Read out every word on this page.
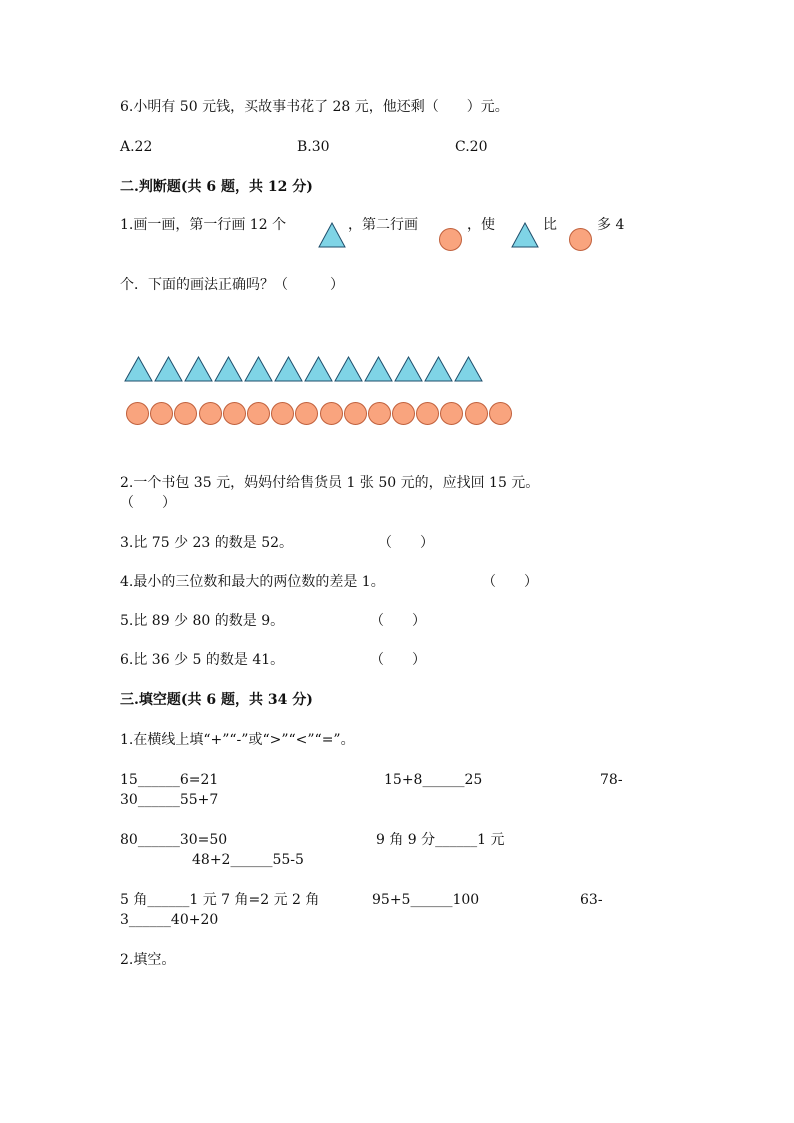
6.小明有 50 元钱，买故事书花了 28 元，他还剩（　　）元。
A.22	B.30	C.20
二.判断题(共 6 题，共 12 分)
1.画一画，第一行画 12 个	，第二行画	，使	比	多 4
个．下面的画法正确吗？（　　　）
2.一个书包 35 元，妈妈付给售货员 1 张 50 元的，应找回 15 元。
（　　）
3.比 75 少 23 的数是 52。	（　　）
4.最小的三位数和最大的两位数的差是 1。	（　　）
5.比 89 少 80 的数是 9。	（　　）
6.比 36 少 5 的数是 41。	（　　）
三.填空题(共 6 题，共 34 分)
1.在横线上填“+”“-”或“>”“<”“=”。
15______6=21	15+8______25	78-
30______55+7
80______30=50	9 角 9 分______1 元
48+2______55-5
5 角______1 元 7 角=2 元 2 角	95+5______100	63-
3______40+20
2.填空。
